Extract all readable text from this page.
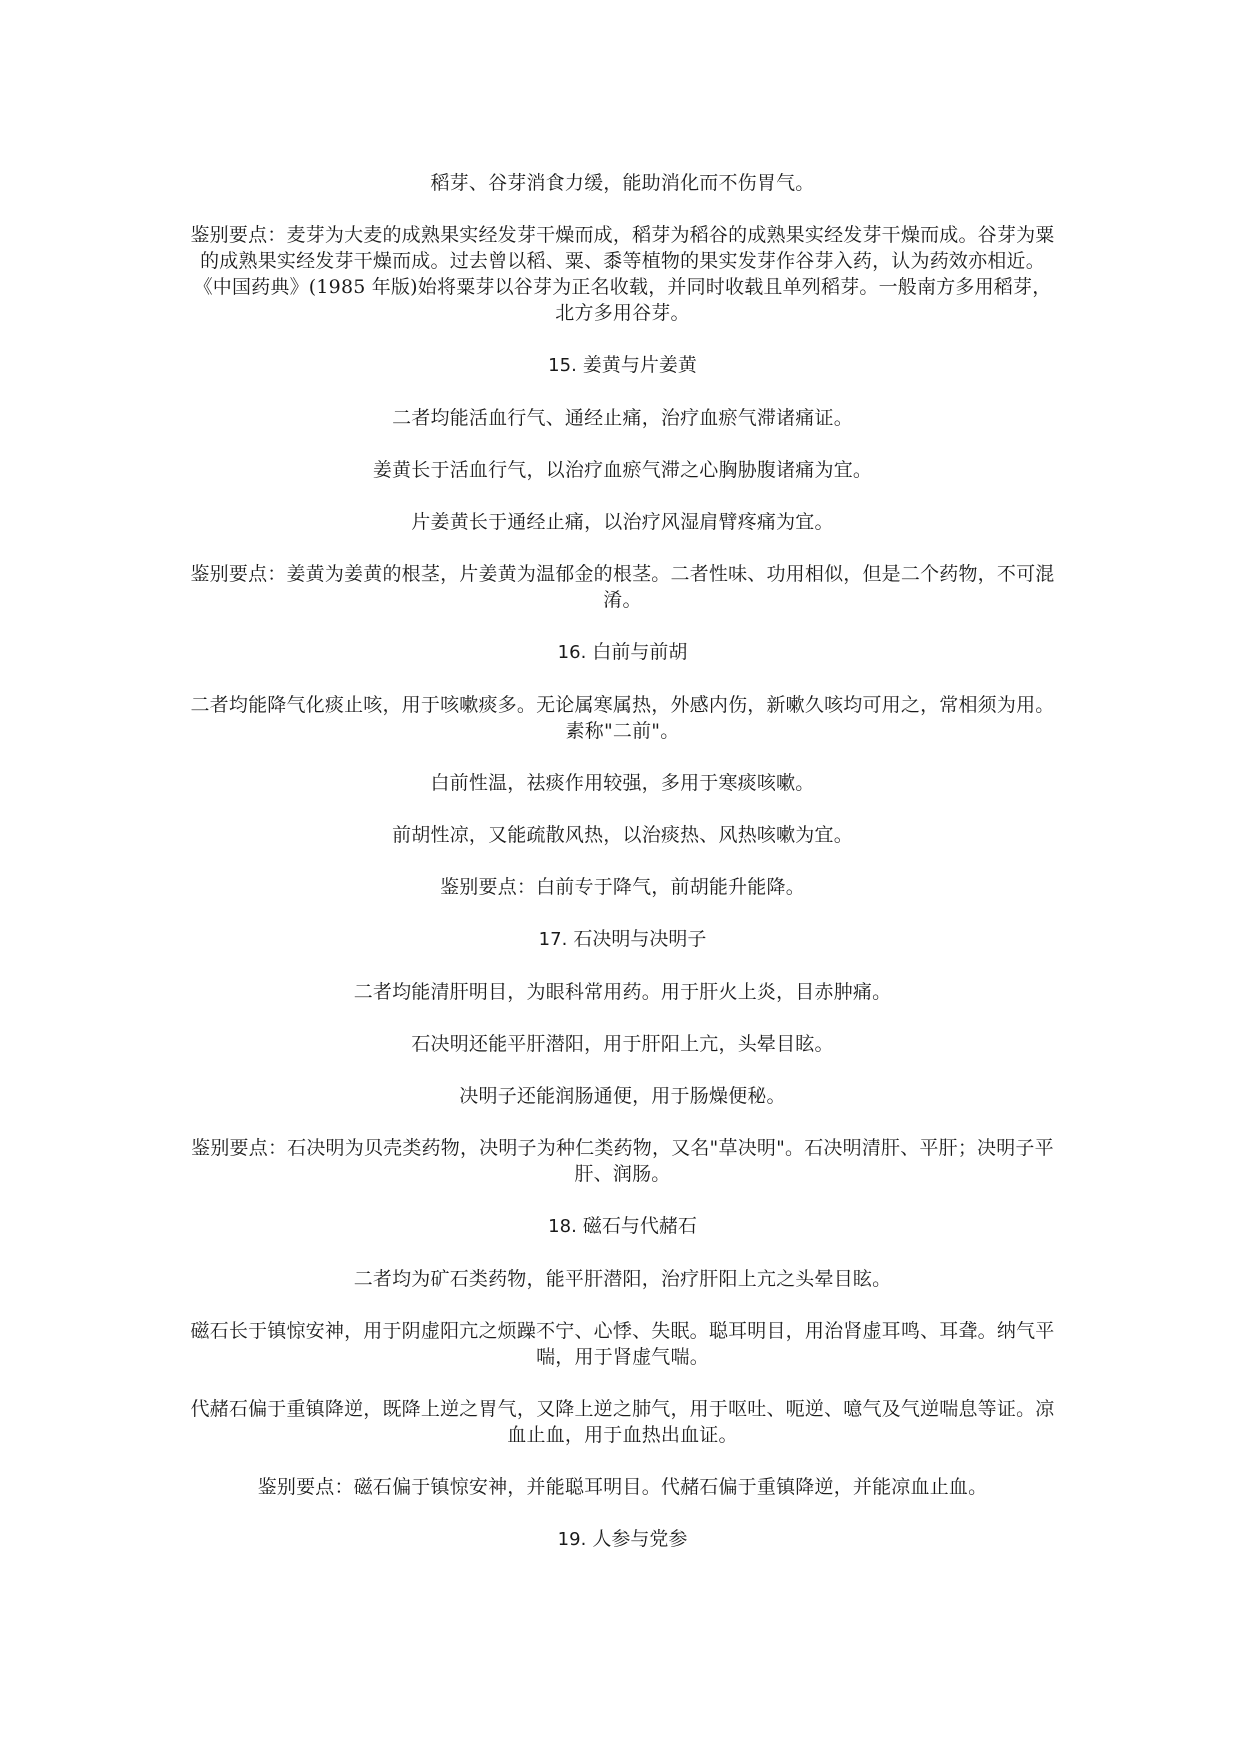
稻芽、谷芽消食力缓，能助消化而不伤胃气。

鉴别要点：麦芽为大麦的成熟果实经发芽干燥而成，稻芽为稻谷的成熟果实经发芽干燥而成。谷芽为粟的成熟果实经发芽干燥而成。过去曾以稻、粟、黍等植物的果实发芽作谷芽入药，认为药效亦相近。《中国药典》(1985 年版)始将粟芽以谷芽为正名收载，并同时收载且单列稻芽。一般南方多用稻芽，北方多用谷芽。

15. 姜黄与片姜黄

二者均能活血行气、通经止痛，治疗血瘀气滞诸痛证。

姜黄长于活血行气，以治疗血瘀气滞之心胸胁腹诸痛为宜。

片姜黄长于通经止痛，以治疗风湿肩臂疼痛为宜。

鉴别要点：姜黄为姜黄的根茎，片姜黄为温郁金的根茎。二者性味、功用相似，但是二个药物，不可混淆。

16. 白前与前胡

二者均能降气化痰止咳，用于咳嗽痰多。无论属寒属热，外感内伤，新嗽久咳均可用之，常相须为用。素称"二前"。

白前性温，祛痰作用较强，多用于寒痰咳嗽。

前胡性凉，又能疏散风热，以治痰热、风热咳嗽为宜。

鉴别要点：白前专于降气，前胡能升能降。

17. 石决明与决明子

二者均能清肝明目，为眼科常用药。用于肝火上炎，目赤肿痛。

石决明还能平肝潜阳，用于肝阳上亢，头晕目眩。

决明子还能润肠通便，用于肠燥便秘。

鉴别要点：石决明为贝壳类药物，决明子为种仁类药物，又名"草决明"。石决明清肝、平肝；决明子平肝、润肠。

18. 磁石与代赭石

二者均为矿石类药物，能平肝潜阳，治疗肝阳上亢之头晕目眩。

磁石长于镇惊安神，用于阴虚阳亢之烦躁不宁、心悸、失眠。聪耳明目，用治肾虚耳鸣、耳聋。纳气平喘，用于肾虚气喘。

代赭石偏于重镇降逆，既降上逆之胃气，又降上逆之肺气，用于呕吐、呃逆、噫气及气逆喘息等证。凉血止血，用于血热出血证。

鉴别要点：磁石偏于镇惊安神，并能聪耳明目。代赭石偏于重镇降逆，并能凉血止血。

19. 人参与党参
